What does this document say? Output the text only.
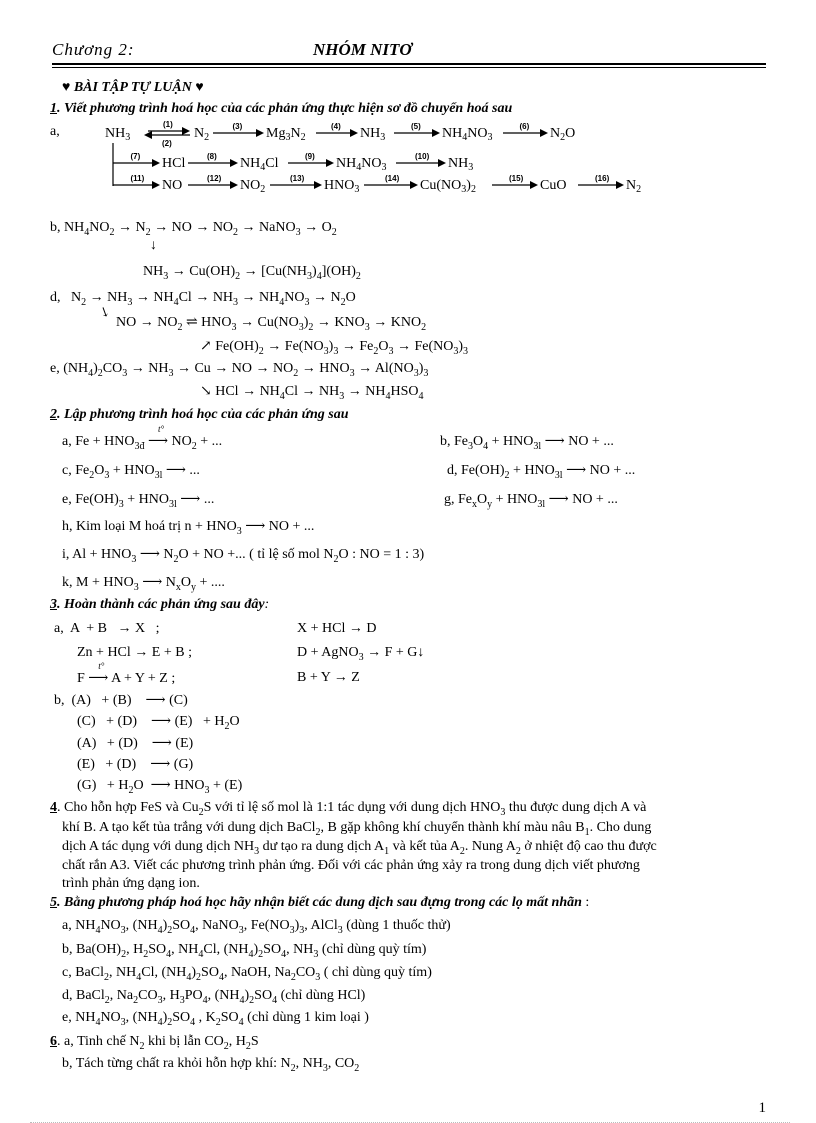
Chương 2:	NHÓM NITƠ
♥ BÀI TẬP TỰ LUẬN ♥
1. Viết phương trình hoá học của các phản ứng thực hiện sơ đồ chuyển hoá sau
a,	$NH_3$
(1)
(2)
$N_2$
(3) $Mg_3N_2$
(4) $NH_3$
(5) $NH_4NO_3$
(6) $N_2O$
(7) HCl	(8) $NH_4Cl$	(9) $NH_4NO_3$
(10) $NH_3$
(11) NO	(12) $NO_2$
(13) $HNO_3$
(14) $Cu(NO_3)_2$
(15) CuO	(16) $N_2$
b, $NH_4NO_2 \to N_2$ → NO → $NO_2$ → NaNO$_3$ → $O_2$
↓
$NH_3 \to Cu(OH)_2 \to [Cu(NH_3)_4](OH)_2$
d,   $N_2 \to NH_3 \to NH_4Cl \to NH_3 \to NH_4NO_3 \to N_2O$
↘
NO → $NO_2$ ⇌ $HNO_3 \to Cu(NO_3)_2 \to KNO_3 \to KNO_2$
↗ $Fe(OH)_2 \to Fe(NO_3)_3 \to Fe_2O_3 \to Fe(NO_3)_3$
e, $(NH_4)_2CO_3 \to NH_3 \to Cu$ → NO → $NO_2 \to HNO_3 \to Al(NO_3)_3$
↘ HCl → $NH_4Cl \to NH_3 \to NH_4HSO_4$
2. Lập phương trình hoá học của các phản ứng sau
a, $Fe + HNO_{3đ}$ ⟶
t°
$NO_2$ + ...	b, $Fe_3O_4 + HNO_{3l}$ ⟶ NO + ...
c, $Fe_2O_3 + HNO_{3l}$ ⟶ ...	d, $Fe(OH)_2 + HNO_{3l}$ ⟶ NO + ...
e, $Fe(OH)_3 + HNO_{3l}$ ⟶ ...	g, $Fe_xO_y + HNO_{3l}$ ⟶ NO + ...
h, Kim loại M hoá trị $n + HNO_3$ ⟶ NO + ...
i, $Al + HNO_3$ ⟶ $N_2O$ + NO +... ( tỉ lệ số mol $N_2O$ : NO = 1 : 3)
k, $M + HNO_3$ ⟶ $N_xO_y$ + ....
3. Hoàn thành các phản ứng sau đây:
a,  A  + B   → X   ;	X + HCl → D
Zn + HCl → E + B ;	D + AgNO$_3$ → F + G↓
F ⟶
t°
A + Y + Z ;	B + Y → Z
b,  (A)   + (B)    ⟶ (C)
(C)   + (D)    ⟶ $(E) + H_2O$
(A)   + (D)    ⟶ (E)
(E)   + (D)    ⟶ (G)
$(G) + H_2O$  ⟶ $HNO_3 + (E)$
4. Cho hỗn hợp FeS và $Cu_2S$ với tỉ lệ số mol là 1:1 tác dụng với dung dịch $HNO_3$ thu được dung dịch A và
khí B. A tạo kết tủa trắng với dung dịch BaCl$_2$, B gặp không khí chuyển thành khí màu nâu $B_1$. Cho dung
dịch A tác dụng với dung dịch $NH_3$ dư tạo ra dung dịch $A_1$ và kết tủa $A_2$. Nung $A_2$ ở nhiệt độ cao thu được
chất rắn A3. Viết các phương trình phản ứng. Đối với các phản ứng xảy ra trong dung dịch viết phương
trình phản ứng dạng ion.
5. Bằng phương pháp hoá học hãy nhận biết các dung dịch sau đựng trong các lọ mất nhãn :
a, $NH_4NO_3$, $(NH_4)_2SO_4$, NaNO$_3$, $Fe(NO_3)_3$, AlCl$_3$ (dùng 1 thuốc thử)
b, $Ba(OH)_2$, $H_2SO_4$, $NH_4Cl$, $(NH_4)_2SO_4$, $NH_3$ (chỉ dùng quỳ tím)
c, BaCl$_2$, $NH_4Cl$, $(NH_4)_2SO_4$, NaOH, $Na_2CO_3$ ( chỉ dùng quỳ tím)
d, BaCl$_2$, $Na_2CO_3$, $H_3PO_4$, $(NH_4)_2SO_4$ (chỉ dùng HCl)
e, $NH_4NO_3$, $(NH_4)_2SO_4$ , $K_2SO_4$ (chỉ dùng 1 kim loại )
6. a, Tinh chế $N_2$ khi bị lẫn $CO_2$, $H_2S$
b, Tách từng chất ra khỏi hỗn hợp khí: $N_2$, $NH_3$, $CO_2$
1
